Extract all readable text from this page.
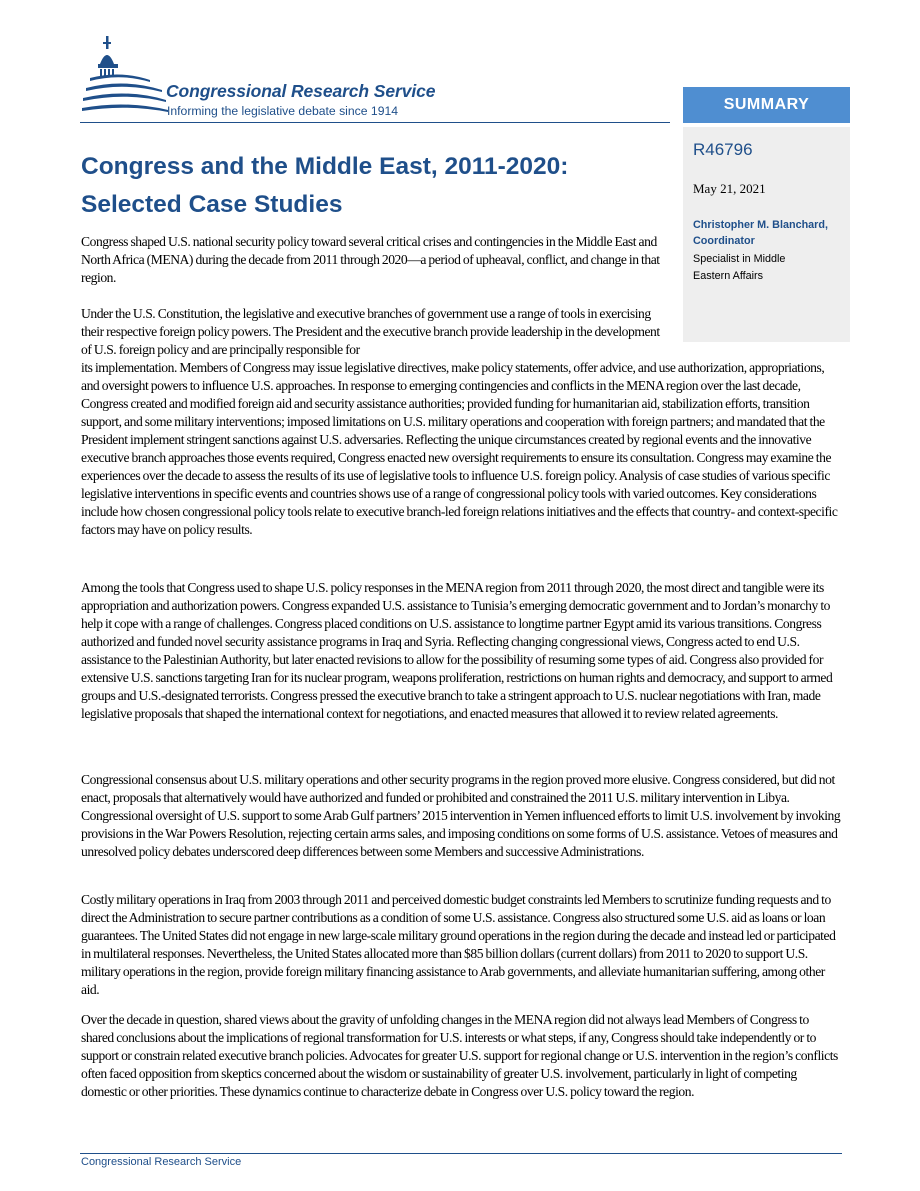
Congressional Research Service
Informing the legislative debate since 1914	SUMMARY
R46796
May 21, 2021
Christopher M. Blanchard, Coordinator
Specialist in Middle Eastern Affairs
Congress and the Middle East, 2011-2020:
Selected Case Studies

Congress shaped U.S. national security policy toward several critical crises and contingencies in the Middle East and North Africa (MENA) during the decade from 2011 through 2020—a period of upheaval, conflict, and change in that region.

Under the U.S. Constitution, the legislative and executive branches of government use a range of tools in exercising their respective foreign policy powers. The President and the executive branch provide leadership in the development of U.S. foreign policy and are principally responsible for

its implementation. Members of Congress may issue legislative directives, make policy statements, offer advice, and use authorization, appropriations, and oversight powers to influence U.S. approaches. In response to emerging contingencies and conflicts in the MENA region over the last decade, Congress created and modified foreign aid and security assistance authorities; provided funding for humanitarian aid, stabilization efforts, transition support, and some military interventions; imposed limitations on U.S. military operations and cooperation with foreign partners; and mandated that the President implement stringent sanctions against U.S. adversaries. Reflecting the unique circumstances created by regional events and the innovative executive branch approaches those events required, Congress enacted new oversight requirements to ensure its consultation. Congress may examine the experiences over the decade to assess the results of its use of legislative tools to influence U.S. foreign policy. Analysis of case studies of various specific legislative interventions in specific events and countries shows use of a range of congressional policy tools with varied outcomes. Key considerations include how chosen congressional policy tools relate to executive branch-led foreign relations initiatives and the effects that country- and context-specific factors may have on policy results.

Among the tools that Congress used to shape U.S. policy responses in the MENA region from 2011 through 2020, the most direct and tangible were its appropriation and authorization powers. Congress expanded U.S. assistance to Tunisia’s emerging democratic government and to Jordan’s monarchy to help it cope with a range of challenges. Congress placed conditions on U.S. assistance to longtime partner Egypt amid its various transitions. Congress authorized and funded novel security assistance programs in Iraq and Syria. Reflecting changing congressional views, Congress acted to end U.S. assistance to the Palestinian Authority, but later enacted revisions to allow for the possibility of resuming some types of aid. Congress also provided for extensive U.S. sanctions targeting Iran for its nuclear program, weapons proliferation, restrictions on human rights and democracy, and support to armed groups and U.S.-designated terrorists. Congress pressed the executive branch to take a stringent approach to U.S. nuclear negotiations with Iran, made legislative proposals that shaped the international context for negotiations, and enacted measures that allowed it to review related agreements.

Congressional consensus about U.S. military operations and other security programs in the region proved more elusive. Congress considered, but did not enact, proposals that alternatively would have authorized and funded or prohibited and constrained the 2011 U.S. military intervention in Libya. Congressional oversight of U.S. support to some Arab Gulf partners’ 2015 intervention in Yemen influenced efforts to limit U.S. involvement by invoking provisions in the War Powers Resolution, rejecting certain arms sales, and imposing conditions on some forms of U.S. assistance. Vetoes of measures and unresolved policy debates underscored deep differences between some Members and successive Administrations.

Costly military operations in Iraq from 2003 through 2011 and perceived domestic budget constraints led Members to scrutinize funding requests and to direct the Administration to secure partner contributions as a condition of some U.S. assistance. Congress also structured some U.S. aid as loans or loan guarantees. The United States did not engage in new large-scale military ground operations in the region during the decade and instead led or participated in multilateral responses. Nevertheless, the United States allocated more than $85 billion dollars (current dollars) from 2011 to 2020 to support U.S. military operations in the region, provide foreign military financing assistance to Arab governments, and alleviate humanitarian suffering, among other aid.

Over the decade in question, shared views about the gravity of unfolding changes in the MENA region did not always lead Members of Congress to shared conclusions about the implications of regional transformation for U.S. interests or what steps, if any, Congress should take independently or to support or constrain related executive branch policies. Advocates for greater U.S. support for regional change or U.S. intervention in the region’s conflicts often faced opposition from skeptics concerned about the wisdom or sustainability of greater U.S. involvement, particularly in light of competing domestic or other priorities. These dynamics continue to characterize debate in Congress over U.S. policy toward the region.

Congressional Research Service
